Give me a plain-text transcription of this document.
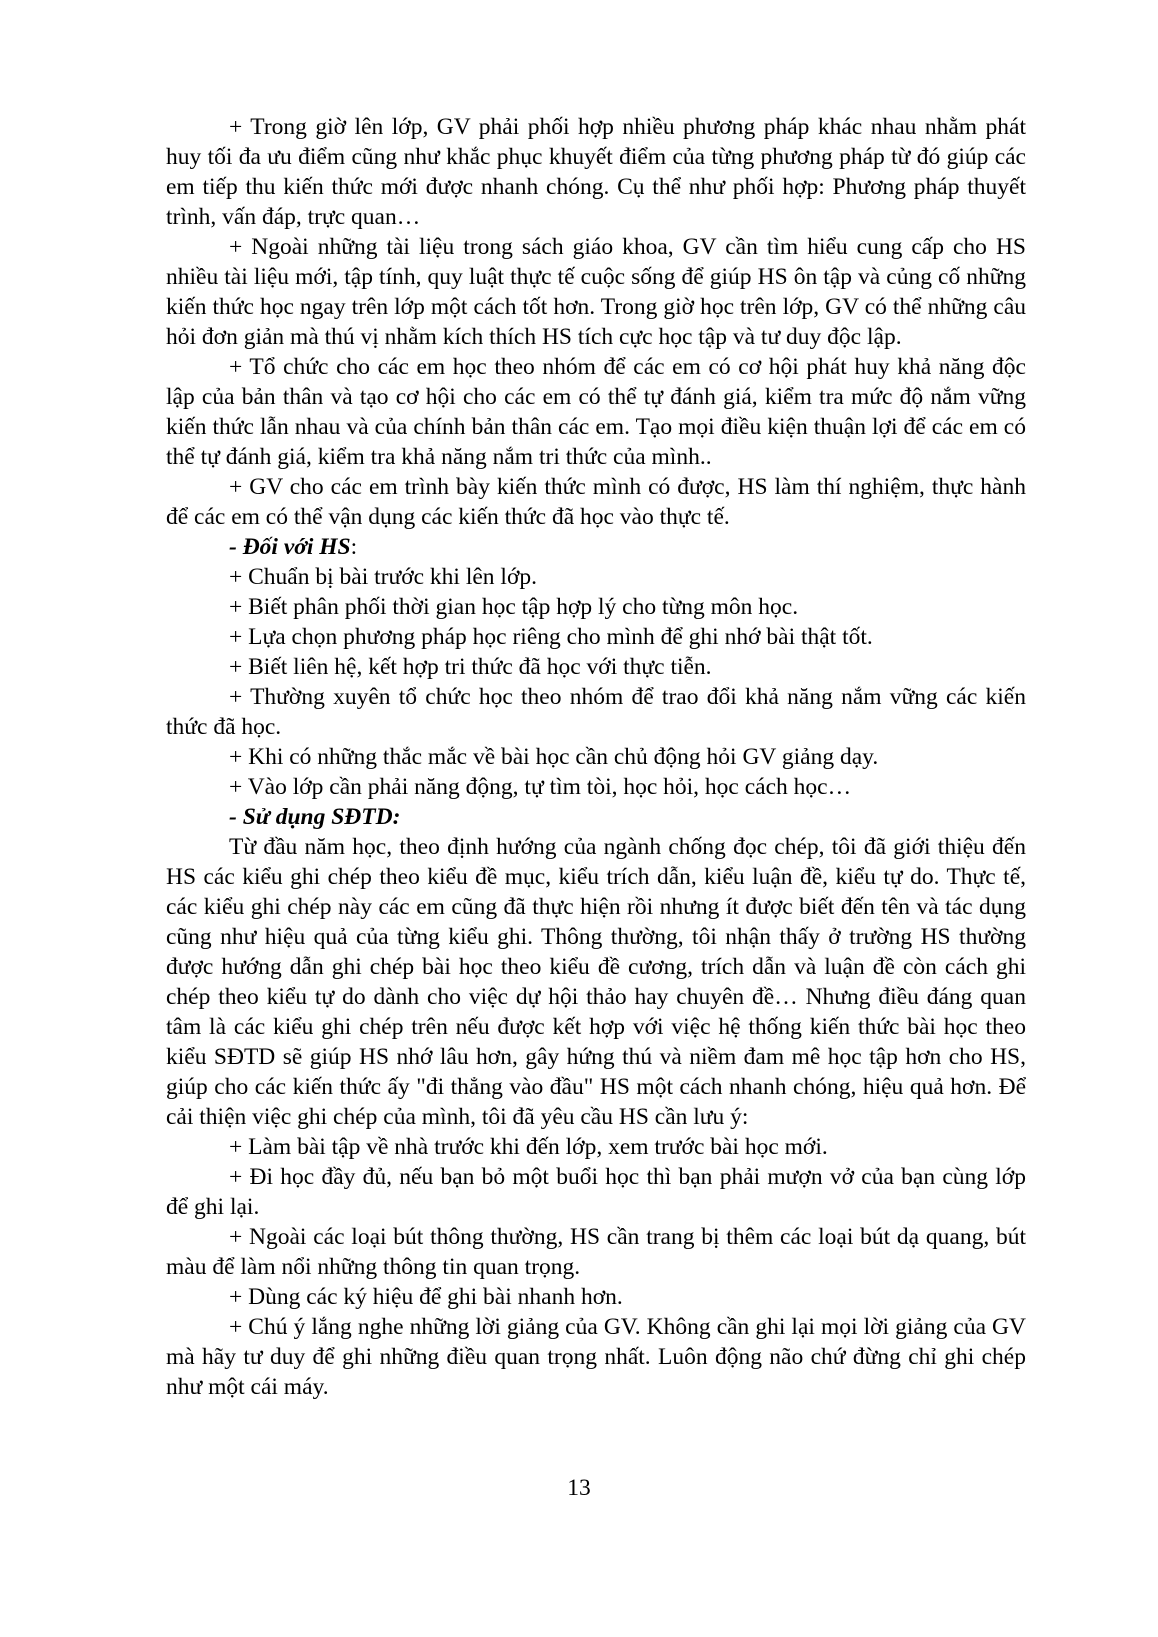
+ Trong giờ lên lớp, GV phải phối hợp nhiều phương pháp khác nhau nhằm phát huy tối đa ưu điểm cũng như khắc phục khuyết điểm của từng phương pháp từ đó giúp các em tiếp thu kiến thức mới được nhanh chóng. Cụ thể như phối hợp: Phương pháp thuyết trình, vấn đáp, trực quan…

+ Ngoài những tài liệu trong sách giáo khoa, GV cần tìm hiểu cung cấp cho HS nhiều tài liệu mới, tập tính, quy luật thực tế cuộc sống để giúp HS ôn tập và củng cố những kiến thức học ngay trên lớp một cách tốt hơn. Trong giờ học trên lớp, GV có thể những câu hỏi đơn giản mà thú vị nhằm kích thích HS tích cực học tập và tư duy độc lập.

+ Tổ chức cho các em học theo nhóm để các em có cơ hội phát huy khả năng độc lập của bản thân và tạo cơ hội cho các em có thể tự đánh giá, kiểm tra mức độ nắm vững kiến thức lẫn nhau và của chính bản thân các em. Tạo mọi điều kiện thuận lợi để các em có thể tự đánh giá, kiểm tra khả năng nắm tri thức của mình..

+ GV cho các em trình bày kiến thức mình có được, HS làm thí nghiệm, thực hành để các em có thể vận dụng các kiến thức đã học vào thực tế.

- Đối với HS:

+ Chuẩn bị bài trước khi lên lớp.

+ Biết phân phối thời gian học tập hợp lý cho từng môn học.

+ Lựa chọn phương pháp học riêng cho mình để ghi nhớ bài thật tốt.

+ Biết liên hệ, kết hợp tri thức đã học với thực tiễn.

+ Thường xuyên tổ chức học theo nhóm để trao đổi khả năng nắm vững các kiến thức đã học.

+ Khi có những thắc mắc về bài học cần chủ động hỏi GV giảng dạy.

+ Vào lớp cần phải năng động, tự tìm tòi, học hỏi, học cách học…

- Sử dụng SĐTD:

Từ đầu năm học, theo định hướng của ngành chống đọc chép, tôi đã giới thiệu đến HS các kiểu ghi chép theo kiểu đề mục, kiểu trích dẫn, kiểu luận đề, kiểu tự do. Thực tế, các kiểu ghi chép này các em cũng đã thực hiện rồi nhưng ít được biết đến tên và tác dụng cũng như hiệu quả của từng kiểu ghi. Thông thường, tôi nhận thấy ở trường HS thường được hướng dẫn ghi chép bài học theo kiểu đề cương, trích dẫn và luận đề còn cách ghi chép theo kiểu tự do dành cho việc dự hội thảo hay chuyên đề… Nhưng điều đáng quan tâm là các kiểu ghi chép trên nếu được kết hợp với việc hệ thống kiến thức bài học theo kiểu SĐTD sẽ giúp HS nhớ lâu hơn, gây hứng thú và niềm đam mê học tập hơn cho HS, giúp cho các kiến thức ấy "đi thẳng vào đầu" HS một cách nhanh chóng, hiệu quả hơn. Để cải thiện việc ghi chép của mình, tôi đã yêu cầu HS cần lưu ý:

+ Làm bài tập về nhà trước khi đến lớp, xem trước bài học mới.

+ Đi học đầy đủ, nếu bạn bỏ một buổi học thì bạn phải mượn vở của bạn cùng lớp để ghi lại.

+ Ngoài các loại bút thông thường, HS cần trang bị thêm các loại bút dạ quang, bút màu để làm nổi những thông tin quan trọng.

+ Dùng các ký hiệu để ghi bài nhanh hơn.

+ Chú ý lắng nghe những lời giảng của GV. Không cần ghi lại mọi lời giảng của GV mà hãy tư duy để ghi những điều quan trọng nhất. Luôn động não chứ đừng chỉ ghi chép như một cái máy.

13
